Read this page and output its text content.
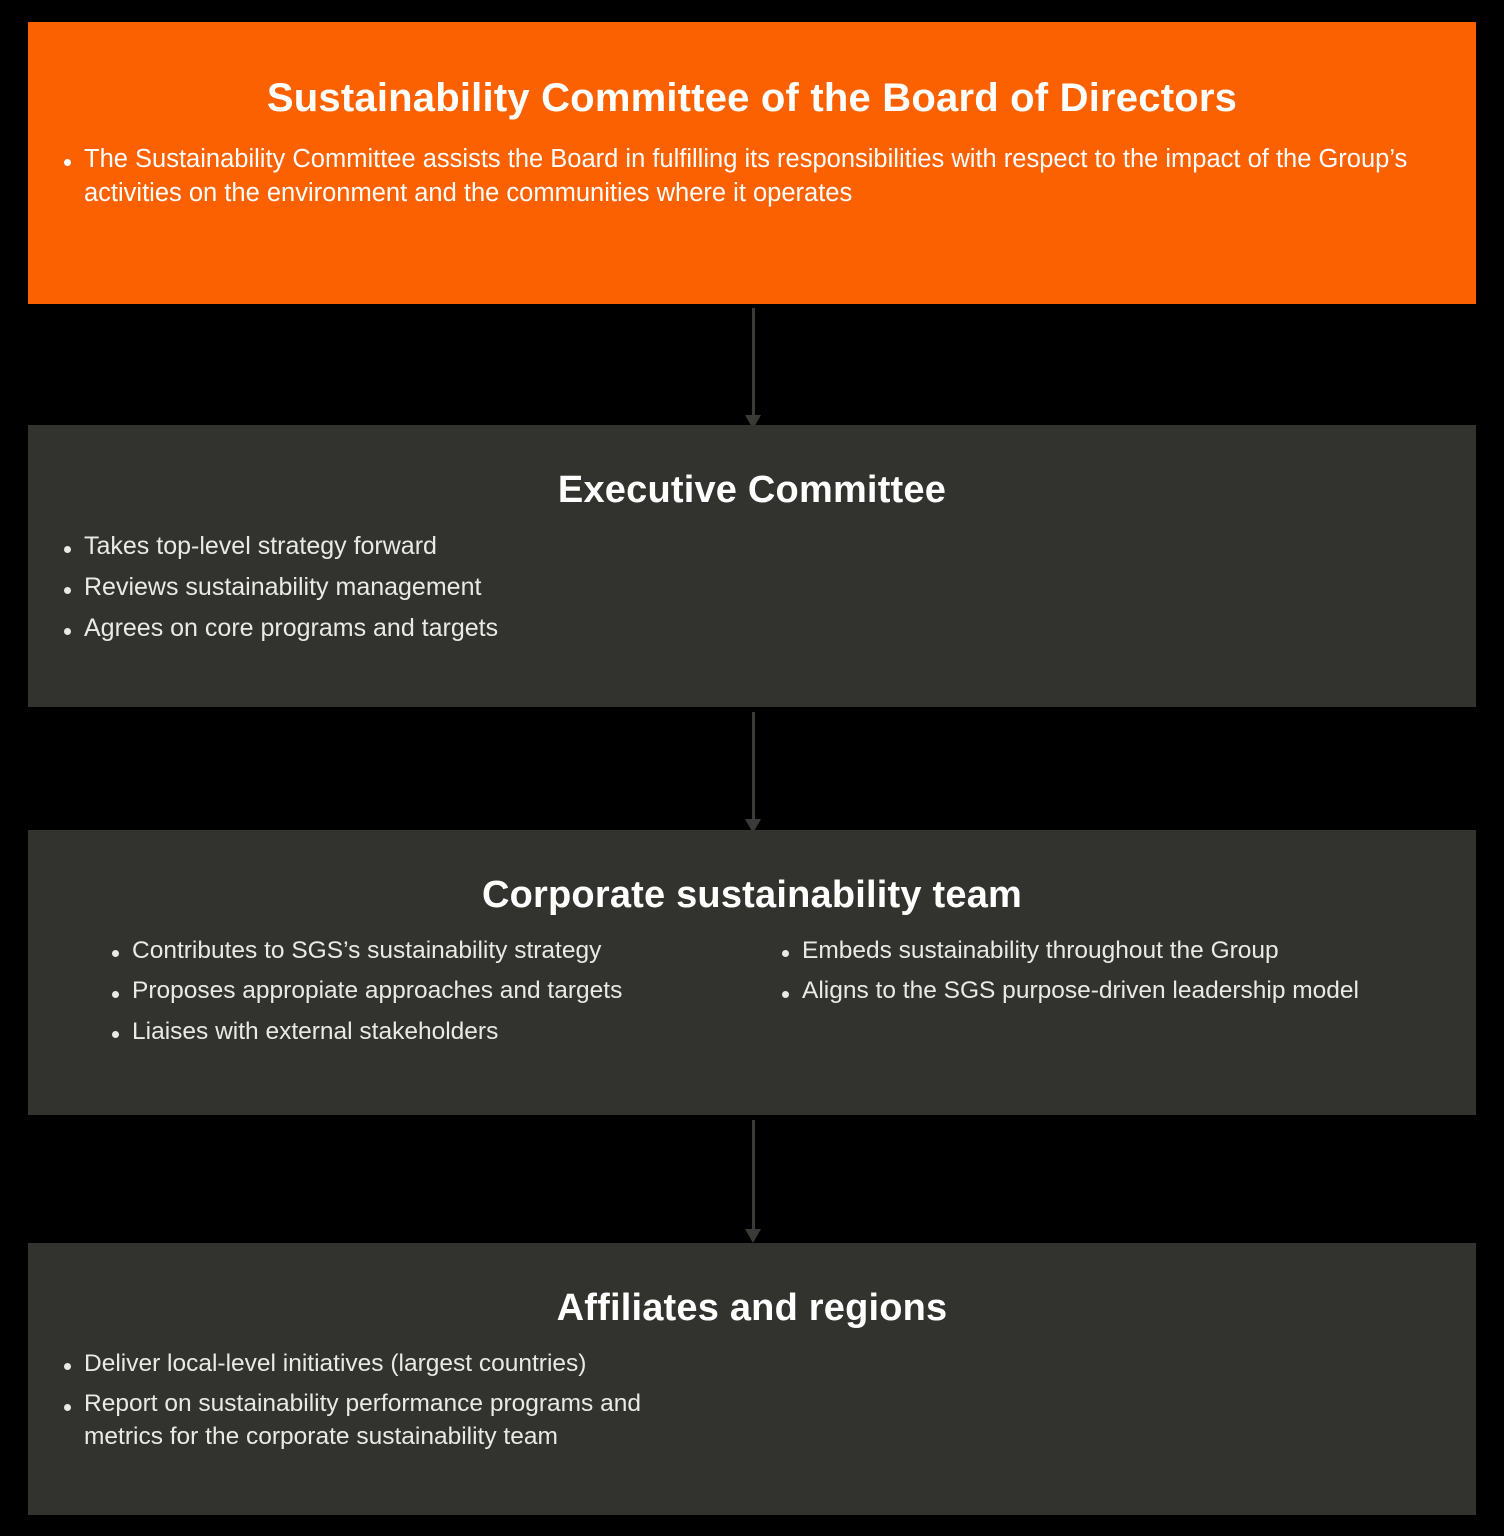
Sustainability Committee of the Board of Directors
The Sustainability Committee assists the Board in fulfilling its responsibilities with respect to the impact of the Group’s activities on the environment and the communities where it operates
Executive Committee
Takes top-level strategy forward
Reviews sustainability management
Agrees on core programs and targets
Corporate sustainability team
Contributes to SGS’s sustainability strategy
Proposes appropiate approaches and targets
Liaises with external stakeholders
Embeds sustainability throughout the Group
Aligns to the SGS purpose-driven leadership model
Affiliates and regions
Deliver local-level initiatives (largest countries)
Report on sustainability performance programs and metrics for the corporate sustainability team
